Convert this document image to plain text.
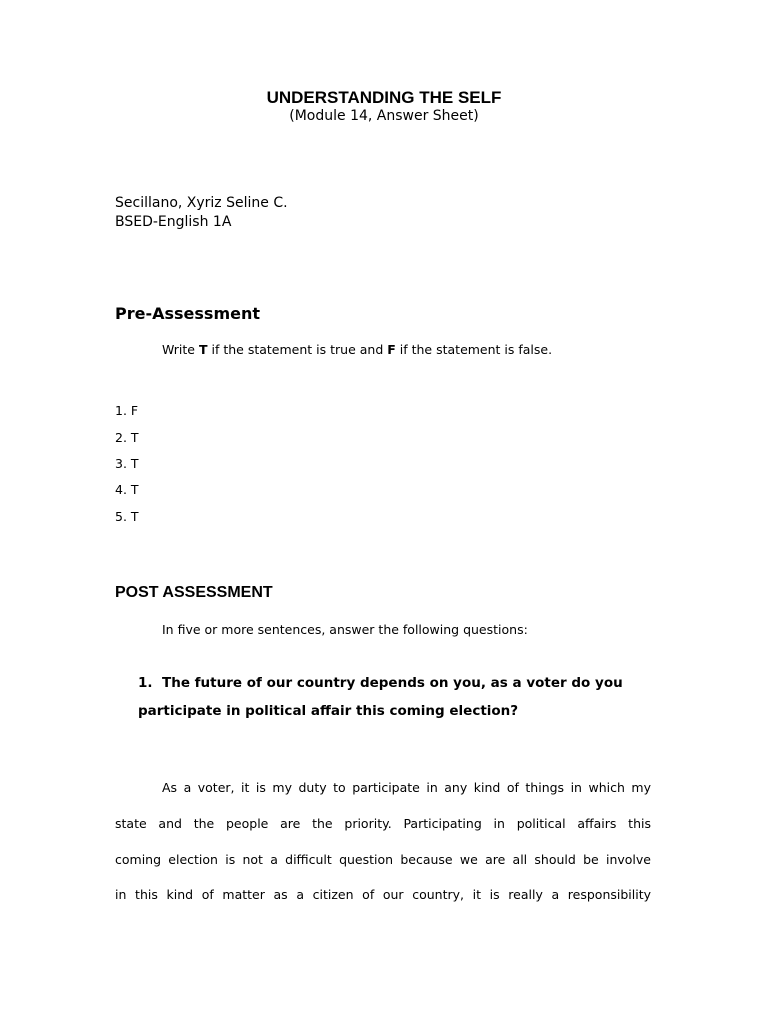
UNDERSTANDING THE SELF
(Module 14, Answer Sheet)
Secillano, Xyriz Seline C.
BSED-English 1A
Pre-Assessment
Write T if the statement is true and F if the statement is false.
1. F
2. T
3. T
4. T
5. T
POST ASSESSMENT
In five or more sentences, answer the following questions:
1. The future of our country depends on you, as a voter do you
participate in political affair this coming election?
As a voter, it is my duty to participate in any kind of things in which my
state and the people are the priority. Participating in political affairs this
coming election is not a difficult question because we are all should be involve
in this kind of matter as a citizen of our country, it is really a responsibility
